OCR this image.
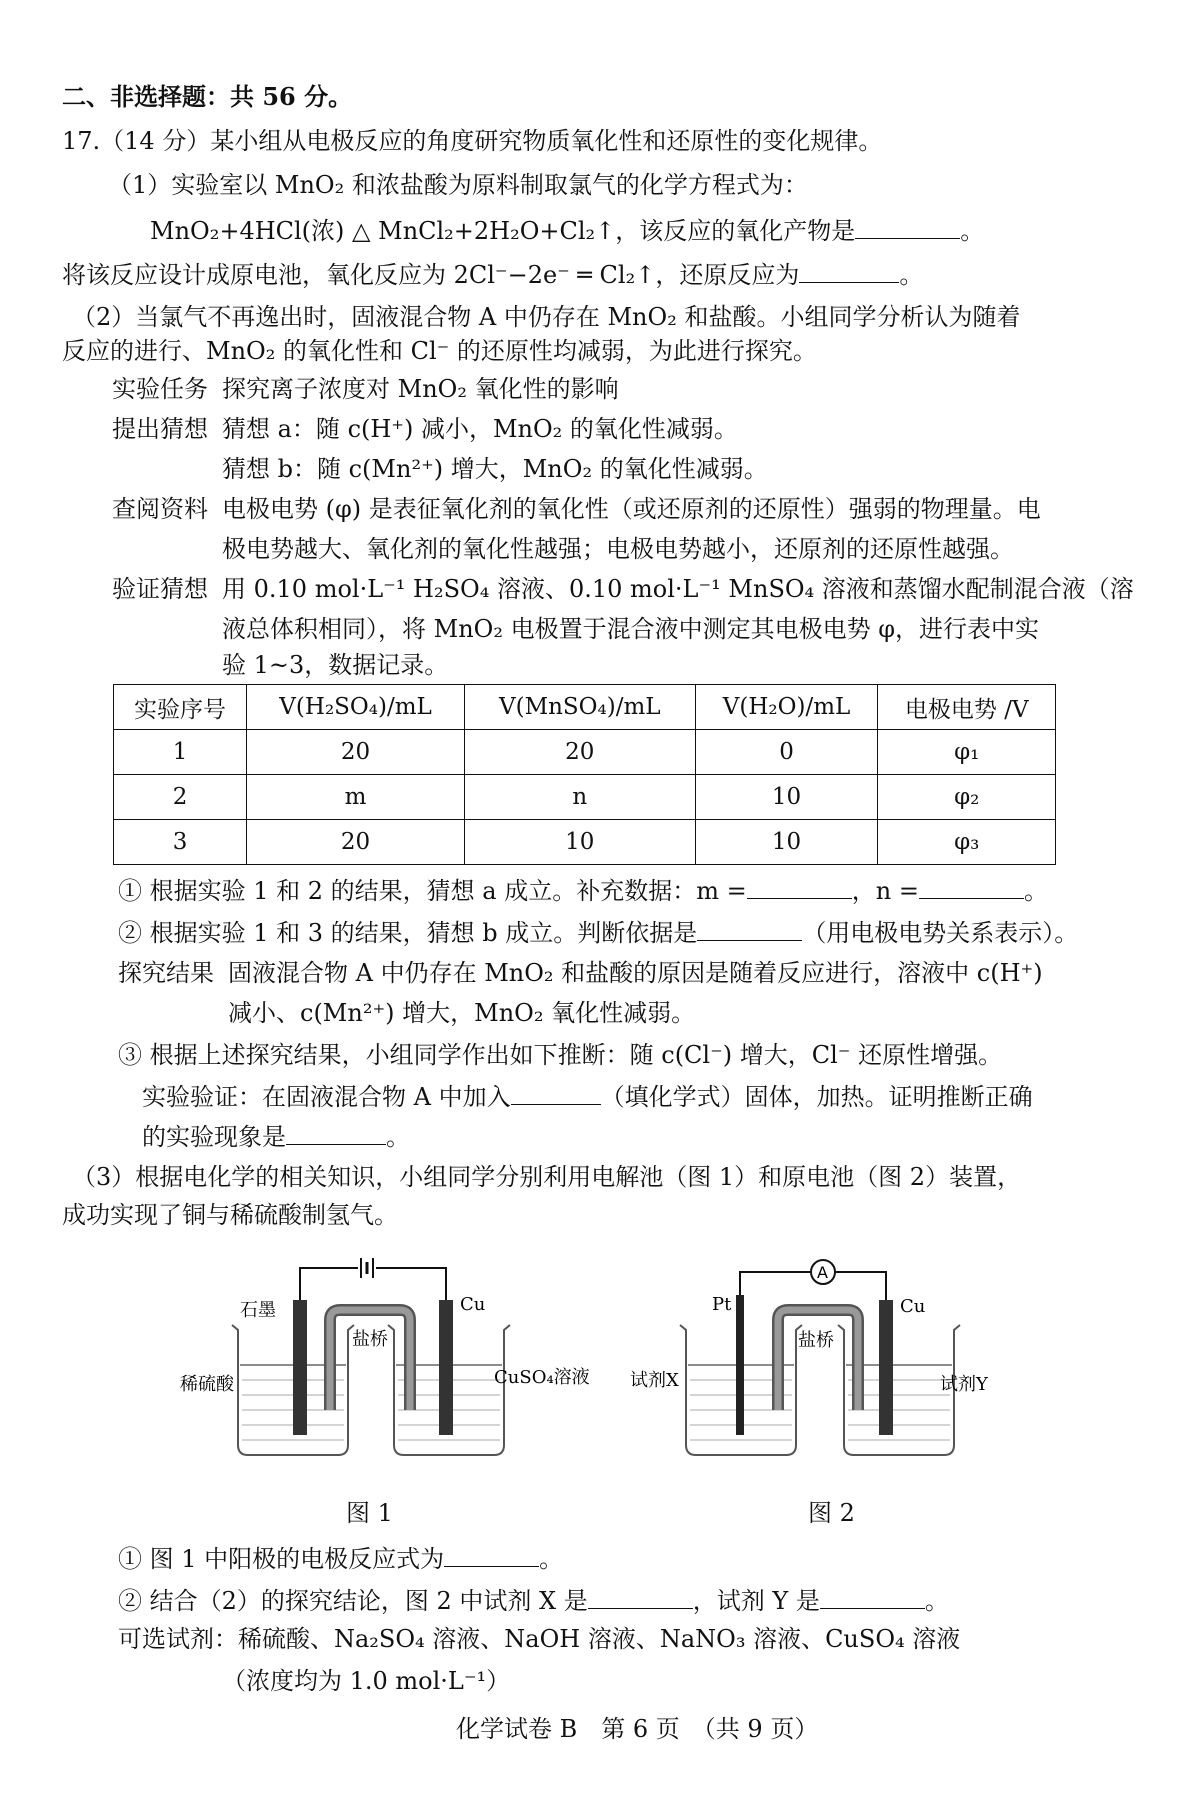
二、非选择题：共 56 分。
17.（14 分）某小组从电极反应的角度研究物质氧化性和还原性的变化规律。
（1）实验室以 MnO₂ 和浓盐酸为原料制取氯气的化学方程式为：
MnO₂+4HCl(浓) △ MnCl₂+2H₂O+Cl₂↑，该反应的氧化产物是	。
将该反应设计成原电池，氧化反应为 2Cl⁻−2e⁻ ═ Cl₂↑，还原反应为	。
（2）当氯气不再逸出时，固液混合物 A 中仍存在 MnO₂ 和盐酸。小组同学分析认为随着
反应的进行、MnO₂ 的氧化性和 Cl⁻ 的还原性均减弱，为此进行探究。
实验任务 探究离子浓度对 MnO₂ 氧化性的影响
提出猜想 猜想 a：随 c(H⁺) 减小，MnO₂ 的氧化性减弱。
猜想 b：随 c(Mn²⁺) 增大，MnO₂ 的氧化性减弱。
查阅资料 电极电势 (φ) 是表征氧化剂的氧化性（或还原剂的还原性）强弱的物理量。电
极电势越大、氧化剂的氧化性越强；电极电势越小，还原剂的还原性越强。
验证猜想 用 0.10 mol·L⁻¹ H₂SO₄ 溶液、0.10 mol·L⁻¹ MnSO₄ 溶液和蒸馏水配制混合液（溶
液总体积相同），将 MnO₂ 电极置于混合液中测定其电极电势 φ，进行表中实
验 1~3，数据记录。
实验序号	V(H₂SO₄)/mL	V(MnSO₄)/mL	V(H₂O)/mL	电极电势 /V
1	20	20	0	φ₁
2	m	n	10	φ₂
3	20	10	10	φ₃
① 根据实验 1 和 2 的结果，猜想 a 成立。补充数据：m =	，n =	。
② 根据实验 1 和 3 的结果，猜想 b 成立。判断依据是	（用电极电势关系表示）。
探究结果 固液混合物 A 中仍存在 MnO₂ 和盐酸的原因是随着反应进行，溶液中 c(H⁺)
减小、c(Mn²⁺) 增大，MnO₂ 氧化性减弱。
③ 根据上述探究结果，小组同学作出如下推断：随 c(Cl⁻) 增大，Cl⁻ 还原性增强。
实验验证：在固液混合物 A 中加入	（填化学式）固体，加热。证明推断正确
的实验现象是	。
（3）根据电化学的相关知识，小组同学分别利用电解池（图 1）和原电池（图 2）装置，
成功实现了铜与稀硫酸制氢气。
石墨	Cu
盐桥
稀硫酸	CuSO₄溶液
图 1
A
Pt	Cu
盐桥
试剂X	试剂Y
图 2
① 图 1 中阳极的电极反应式为	。
② 结合（2）的探究结论，图 2 中试剂 X 是	，试剂 Y 是	。
可选试剂：稀硫酸、Na₂SO₄ 溶液、NaOH 溶液、NaNO₃ 溶液、CuSO₄ 溶液
（浓度均为 1.0 mol·L⁻¹）
化学试卷 B　第 6 页　（共 9 页）
